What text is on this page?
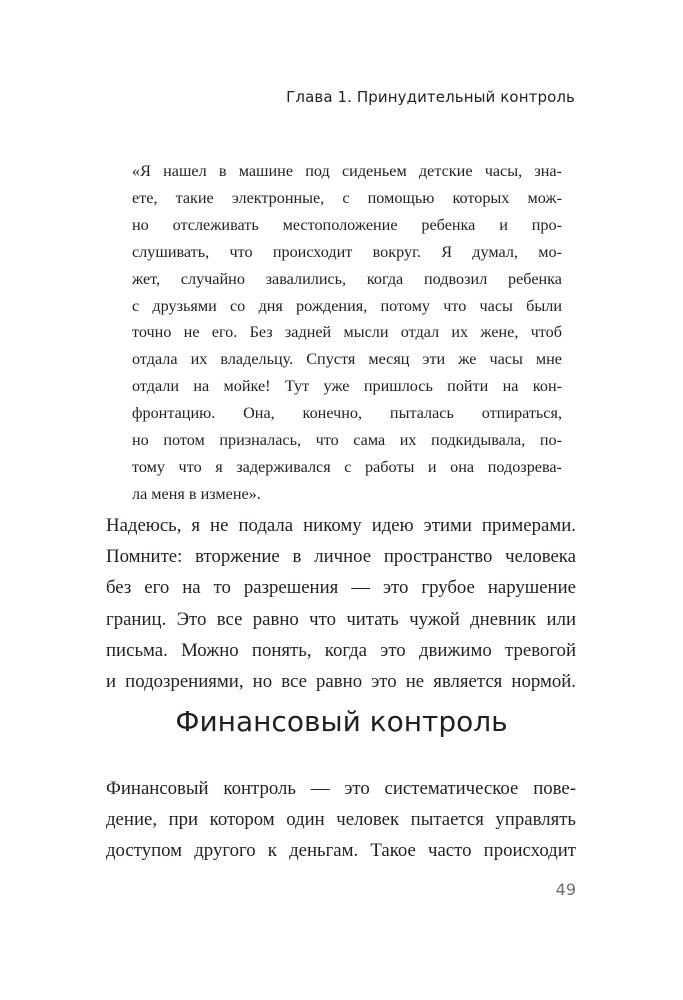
Глава 1. Принудительный контроль
«Я нашел в машине под сиденьем детские часы, зна-
ете, такие электронные, с помощью которых мож-
но отслеживать местоположение ребенка и про-
слушивать, что происходит вокруг. Я думал, мо-
жет, случайно завалились, когда подвозил ребенка
с друзьями со дня рождения, потому что часы были
точно не его. Без задней мысли отдал их жене, чтоб
отдала их владельцу. Спустя месяц эти же часы мне
отдали на мойке! Тут уже пришлось пойти на кон-
фронтацию. Она, конечно, пыталась отпираться,
но потом призналась, что сама их подкидывала, по-
тому что я задерживался с работы и она подозрева-
ла меня в измене».
Надеюсь, я не подала никому идею этими примерами.
Помните: вторжение в личное пространство человека
без его на то разрешения — это грубое нарушение
границ. Это все равно что читать чужой дневник или
письма. Можно понять, когда это движимо тревогой
и подозрениями, но все равно это не является нормой.
Финансовый контроль
Финансовый контроль — это систематическое пове-
дение, при котором один человек пытается управлять
доступом другого к деньгам. Такое часто происходит
49
